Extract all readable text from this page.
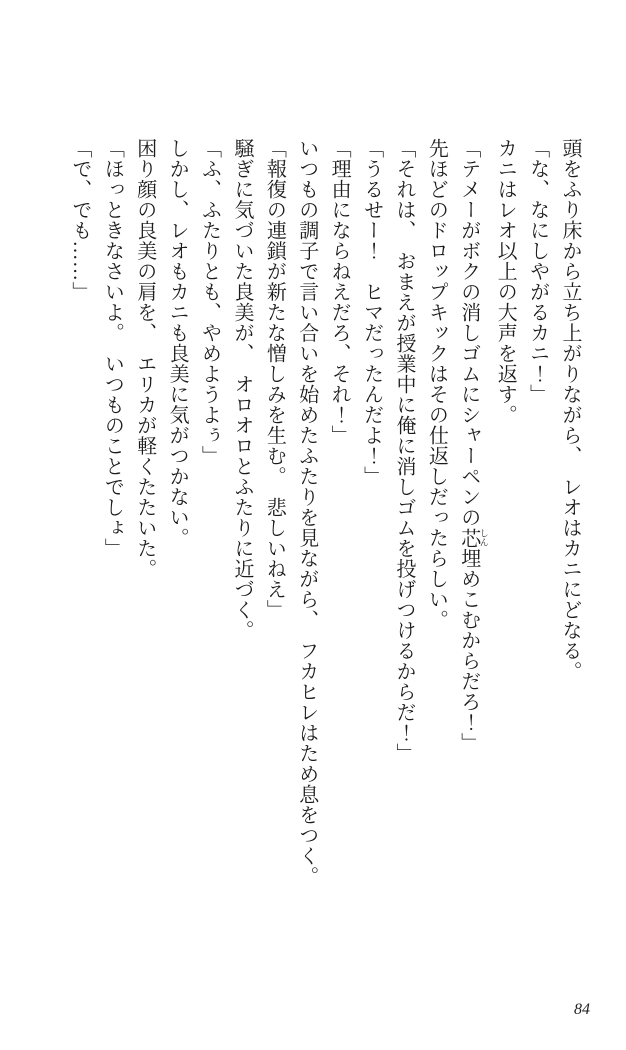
頭をふり床から立ち上がりながら、　レオはカニにどなる。

「な、なにしやがるカニ！」

カニはレオ以上の大声を返す。

「テメーがボクの消しゴムにシャーペンの芯 しん埋めこむからだろ！」

先ほどのドロップキックはその仕返しだったらしい。

「それは、　おまえが授業中に俺に消しゴムを投げつけるからだ！」

「うるせー！　ヒマだったんだよ！」

「理由にならねえだろ、それ！」

いつもの調子で言い合いを始めたふたりを見ながら、　フカヒレはため息をつく。

「報復の連鎖が新たな憎しみを生む。　悲しいねえ」

騒ぎに気づいた良美が、　オロオロとふたりに近づく。

「ふ、ふたりとも、やめようよぅ」

しかし、レオもカニも良美に気がつかない。

困り顔の良美の肩を、　エリカが軽くたたいた。

「ほっときなさいよ。　いつものことでしょ」

「で、でも……」

84
